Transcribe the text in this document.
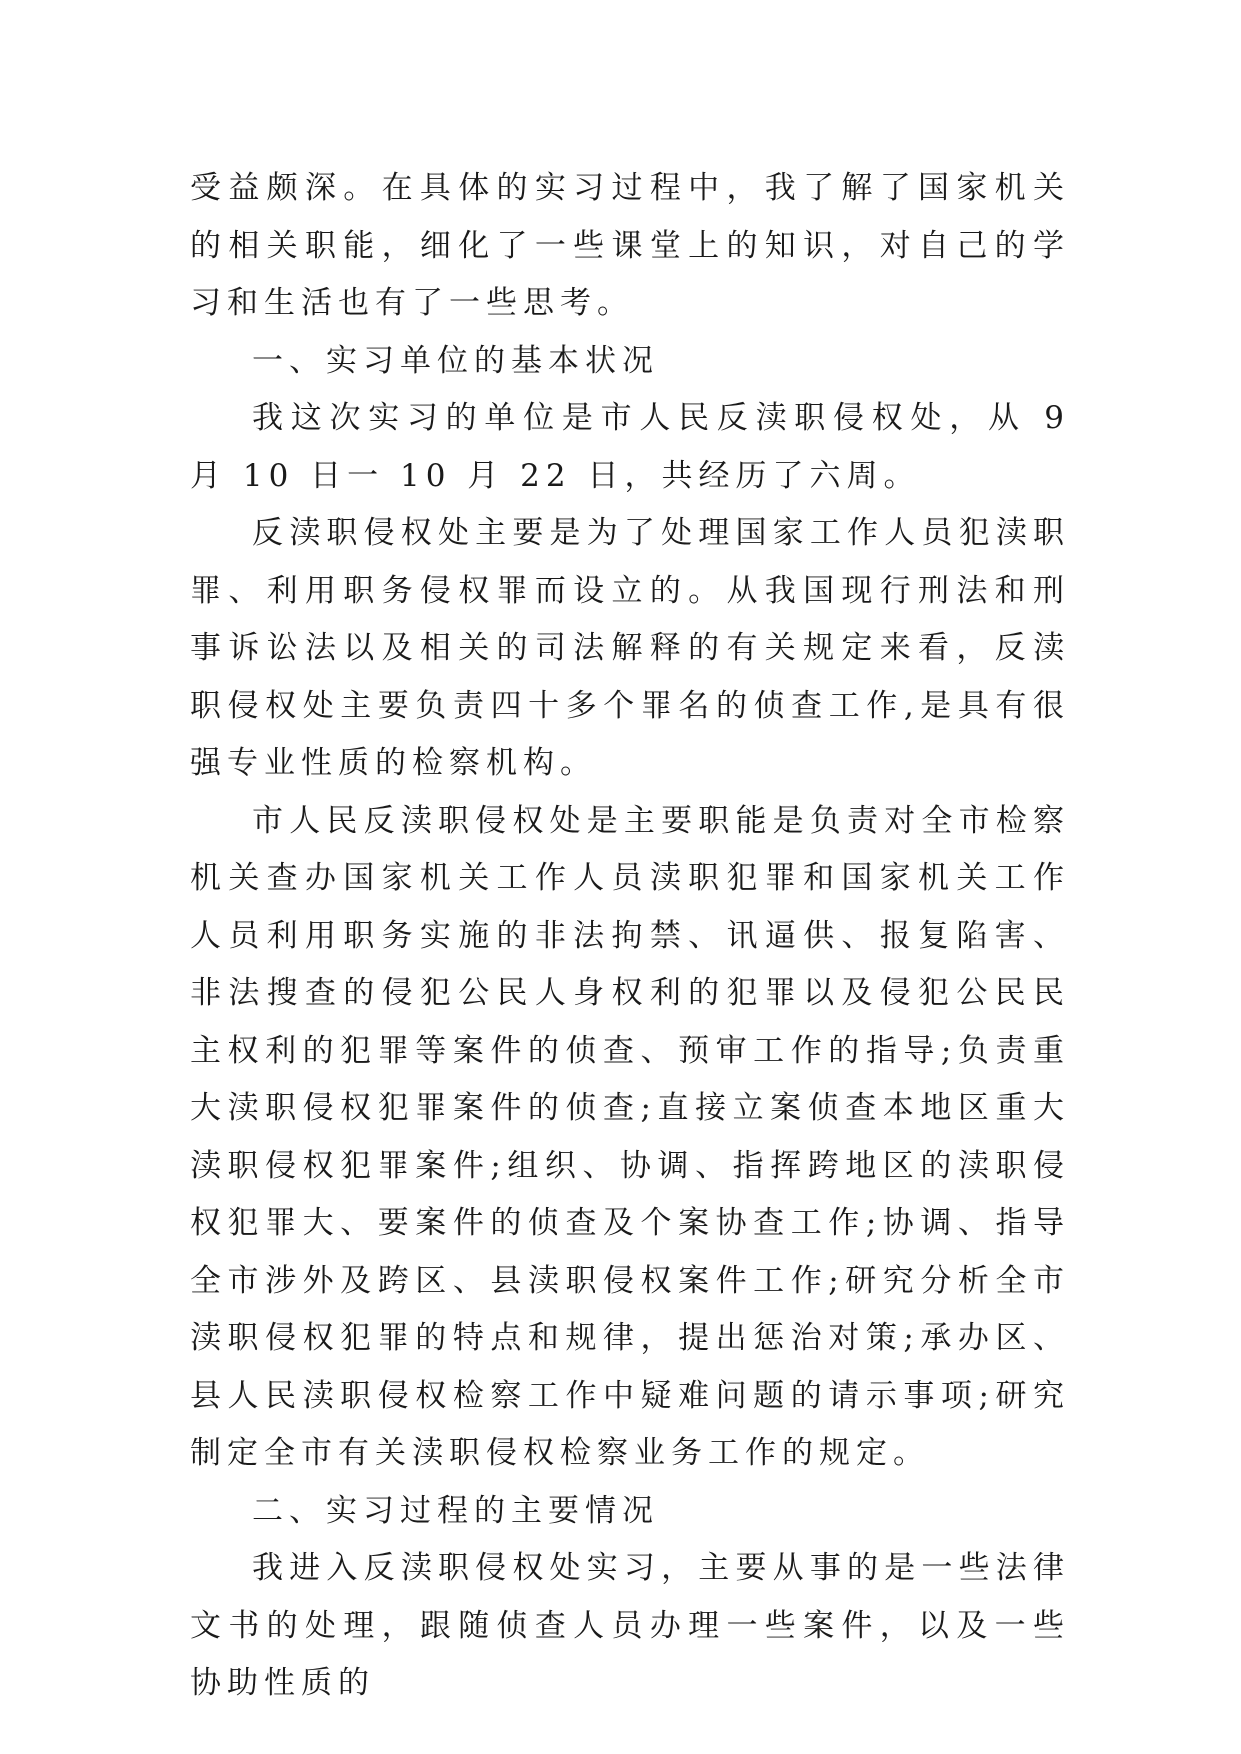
受益颇深。在具体的实习过程中，我了解了国家机关的相关职能，细化了一些课堂上的知识，对自己的学习和生活也有了一些思考。

一、实习单位的基本状况

我这次实习的单位是市人民反渎职侵权处，从 9 月 10 日一 10 月 22 日，共经历了六周。

反渎职侵权处主要是为了处理国家工作人员犯渎职罪、利用职务侵权罪而设立的。从我国现行刑法和刑事诉讼法以及相关的司法解释的有关规定来看，反渎职侵权处主要负责四十多个罪名的侦查工作,是具有很强专业性质的检察机构。

市人民反渎职侵权处是主要职能是负责对全市检察机关查办国家机关工作人员渎职犯罪和国家机关工作人员利用职务实施的非法拘禁、讯逼供、报复陷害、非法搜查的侵犯公民人身权利的犯罪以及侵犯公民民主权利的犯罪等案件的侦查、预审工作的指导;负责重大渎职侵权犯罪案件的侦查;直接立案侦查本地区重大渎职侵权犯罪案件;组织、协调、指挥跨地区的渎职侵权犯罪大、要案件的侦查及个案协查工作;协调、指导全市涉外及跨区、县渎职侵权案件工作;研究分析全市渎职侵权犯罪的特点和规律，提出惩治对策;承办区、县人民渎职侵权检察工作中疑难问题的请示事项;研究制定全市有关渎职侵权检察业务工作的规定。

二、实习过程的主要情况

我进入反渎职侵权处实习，主要从事的是一些法律文书的处理，跟随侦查人员办理一些案件，以及一些协助性质的
